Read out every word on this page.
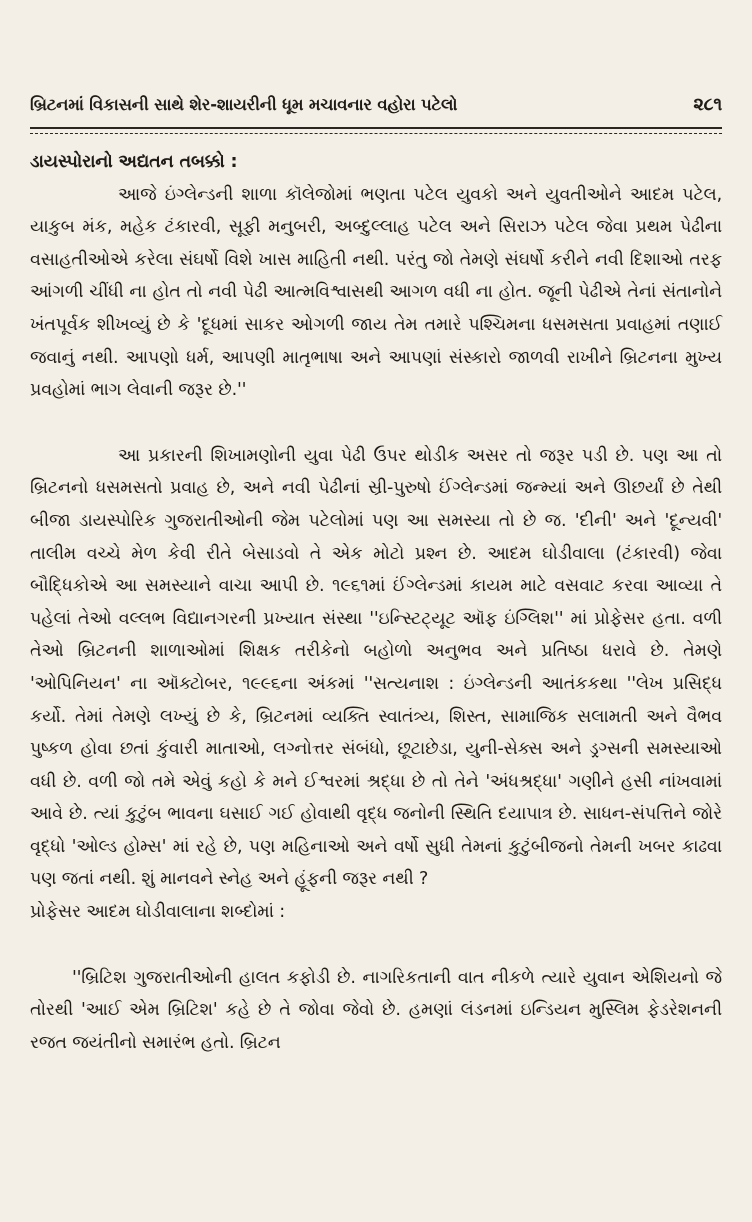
બ્રિટનમાં વિકાસની સાથે શેર-શાયરીની ધૂમ મચાવનાર વહોરા પટેલો	૨૮૧

ડાયસ્પોરાનો અદ્યતન તબક્કો :

આજે ઇંગ્લેન્ડની શાળા કૉલેજોમાં ભણતા પટેલ યુવકો અને યુવતીઓને આદમ પટેલ, યાકુબ મંક, મહેક ટંકારવી, સૂફી મનુબરી, અબ્દુલ્લાહ પટેલ અને સિરાઝ પટેલ જેવા પ્રથમ પેઢીના વસાહતીઓએ કરેલા સંઘર્ષો વિશે ખાસ માહિતી નથી. પરંતુ જો તેમણે સંઘર્ષો કરીને નવી દિશાઓ તરફ આંગળી ચીંધી ના હોત તો નવી પેઢી આત્મવિશ્વાસથી આગળ વધી ના હોત. જૂની પેઢીએ તેનાં સંતાનોને ખંતપૂર્વક શીખવ્યું છે કે 'દૂધમાં સાકર ઓગળી જાય તેમ તમારે પશ્ચિમના ધસમસતા પ્રવાહમાં તણાઈ જવાનું નથી. આપણો ધર્મ, આપણી માતૃભાષા અને આપણાં સંસ્કારો જાળવી રાખીને બ્રિટનના મુખ્ય પ્રવહોમાં ભાગ લેવાની જરૂર છે.''

આ પ્રકારની શિખામણોની યુવા પેઢી ઉપર થોડીક અસર તો જરૂર પડી છે. પણ આ તો બ્રિટનનો ધસમસતો પ્રવાહ છે, અને નવી પેઢીનાં સ્રી-પુરુષો ઈંગ્લેન્ડમાં જન્મ્યાં અને ઊછર્યાં છે તેથી બીજા ડાયસ્પોરિક ગુજરાતીઓની જેમ પટેલોમાં પણ આ સમસ્યા તો છે જ. 'દીની' અને 'દૂન્યવી' તાલીમ વચ્ચે મેળ કેવી રીતે બેસાડવો તે એક મોટો પ્રશ્ન છે. આદમ ઘોડીવાલા (ટંકારવી) જેવા બૌદ્ધિકોએ આ સમસ્યાને વાચા આપી છે. ૧૯૬૧માં ઈંગ્લેન્ડમાં કાયમ માટે વસવાટ કરવા આવ્યા તે પહેલાં તેઓ વલ્લભ વિદ્યાનગરની પ્રખ્યાત સંસ્થા ''ઇન્સ્ટિટ્યૂટ ઑફ ઇંગ્લિશ'' માં પ્રોફેસર હતા. વળી તેઓ બ્રિટનની શાળાઓમાં શિક્ષક તરીકેનો બહોળો અનુભવ અને પ્રતિષ્ઠા ધરાવે છે. તેમણે 'ઓપિનિયન' ના ઑક્ટોબર, ૧૯૯૬ના અંકમાં ''સત્યનાશ : ઇંગ્લેન્ડની આતંકકથા ''લેખ પ્રસિદ્ધ કર્યો. તેમાં તેમણે લખ્યું છે કે, બ્રિટનમાં વ્યક્તિ સ્વાતંત્ર્ય, શિસ્ત, સામાજિક સલામતી અને વૈભવ પુષ્કળ હોવા છતાં કુંવારી માતાઓ, લગ્નોત્તર સંબંધો, છૂટાછેડા, યુની-સેક્સ અને ડ્રગ્સની સમસ્યાઓ વધી છે. વળી જો તમે એવું કહો કે મને ઈશ્વરમાં શ્રદ્ધા છે તો તેને 'અંધશ્રદ્ધા' ગણીને હસી નાંખવામાં આવે છે. ત્યાં કુટુંબ ભાવના ઘસાઈ ગઈ હોવાથી વૃદ્ધ જનોની સ્થિતિ દયાપાત્ર છે. સાધન-સંપત્તિને જોરે વૃદ્ધો 'ઓલ્ડ હોમ્સ' માં રહે છે, પણ મહિનાઓ અને વર્ષો સુધી તેમનાં કુટુંબીજનો તેમની ખબર કાઢવા પણ જતાં નથી. શું માનવને સ્નેહ અને હૂંફની જરૂર નથી ?

પ્રોફેસર આદમ ઘોડીવાલાના શબ્દોમાં :

''બ્રિટિશ ગુજરાતીઓની હાલત કફોડી છે. નાગરિકતાની વાત નીકળે ત્યારે યુવાન એશિયનો જે તોરથી 'આઈ એમ બ્રિટિશ' કહે છે તે જોવા જેવો છે. હમણાં લંડનમાં ઇન્ડિયન મુસ્લિમ ફેડરેશનની રજત જયંતીનો સમારંભ હતો. બ્રિટન
